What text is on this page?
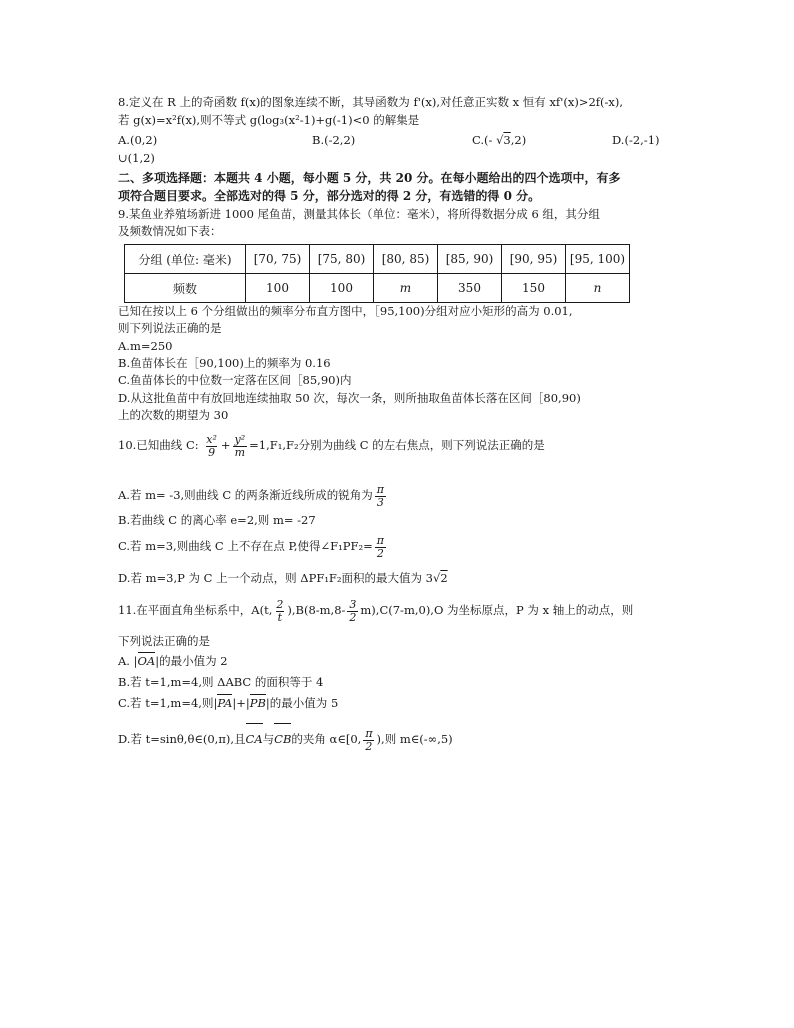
8.定义在 R 上的奇函数 f(x)的图象连续不断，其导函数为 f'(x),对任意正实数 x 恒有 xf'(x)>2f(-x),
若 g(x)=x²f(x),则不等式 g(log₃(x²-1)+g(-1)<0 的解集是
A.(0,2)	B.(-2,2)	C.(- √3,2)	D.(-2,-1)
∪(1,2)
二、多项选择题：本题共 4 小题，每小题 5 分，共 20 分。在每小题给出的四个选项中，有多
项符合题目要求。全部选对的得 5 分，部分选对的得 2 分，有选错的得 0 分。
9.某鱼业养殖场新进 1000 尾鱼苗，测量其体长（单位：毫米），将所得数据分成 6 组，其分组
及频数情况如下表：
分组 (单位: 毫米)	[70, 75)	[75, 80)	[80, 85)	[85, 90)	[90, 95)	[95, 100)
频数	100	100	m	350	150	n
已知在按以上 6 个分组做出的频率分布直方图中，［95,100)分组对应小矩形的高为 0.01,
则下列说法正确的是
A.m=250
B.鱼苗体长在［90,100)上的频率为 0.16
C.鱼苗体长的中位数一定落在区间［85,90)内
D.从这批鱼苗中有放回地连续抽取 50 次，每次一条，则所抽取鱼苗体长落在区间［80,90)
上的次数的期望为 30
10.已知曲线 C: $\frac{\text{x²}}{9} + \frac{\text{y²}}{m} =1,F_1,F_2$分别为曲线 C 的左右焦点，则下列说法正确的是
A.若 m= -3,则曲线 C 的两条渐近线所成的锐角为 $\frac{\pi}{3}$
B.若曲线 C 的离心率 e=2,则 m= -27
C.若 m=3,则曲线 C 上不存在点 P,使得∠F₁PF₂= $\frac{\pi}{2}$
D.若 m=3,P 为 C 上一个动点，则 ΔPF₁F₂面积的最大值为 3√2
11.在平面直角坐标系中，A(t, $\frac{2}{t} ),B(8-m,8- \frac{3}{2} m),C(7-m,0),O$ 为坐标原点，P 为 x 轴上的动点，则
下列说法正确的是
A. |OA|的最小值为 2
B.若 t=1,m=4,则 ΔABC 的面积等于 4
C.若 t=1,m=4,则|PA|+|PB|的最小值为 5
D.若 t=sinθ,θ∈(0,π),且CA与CB的夹角 α∈[0, $\frac{\pi}{2}$ ),则 m∈(-∞,5)
